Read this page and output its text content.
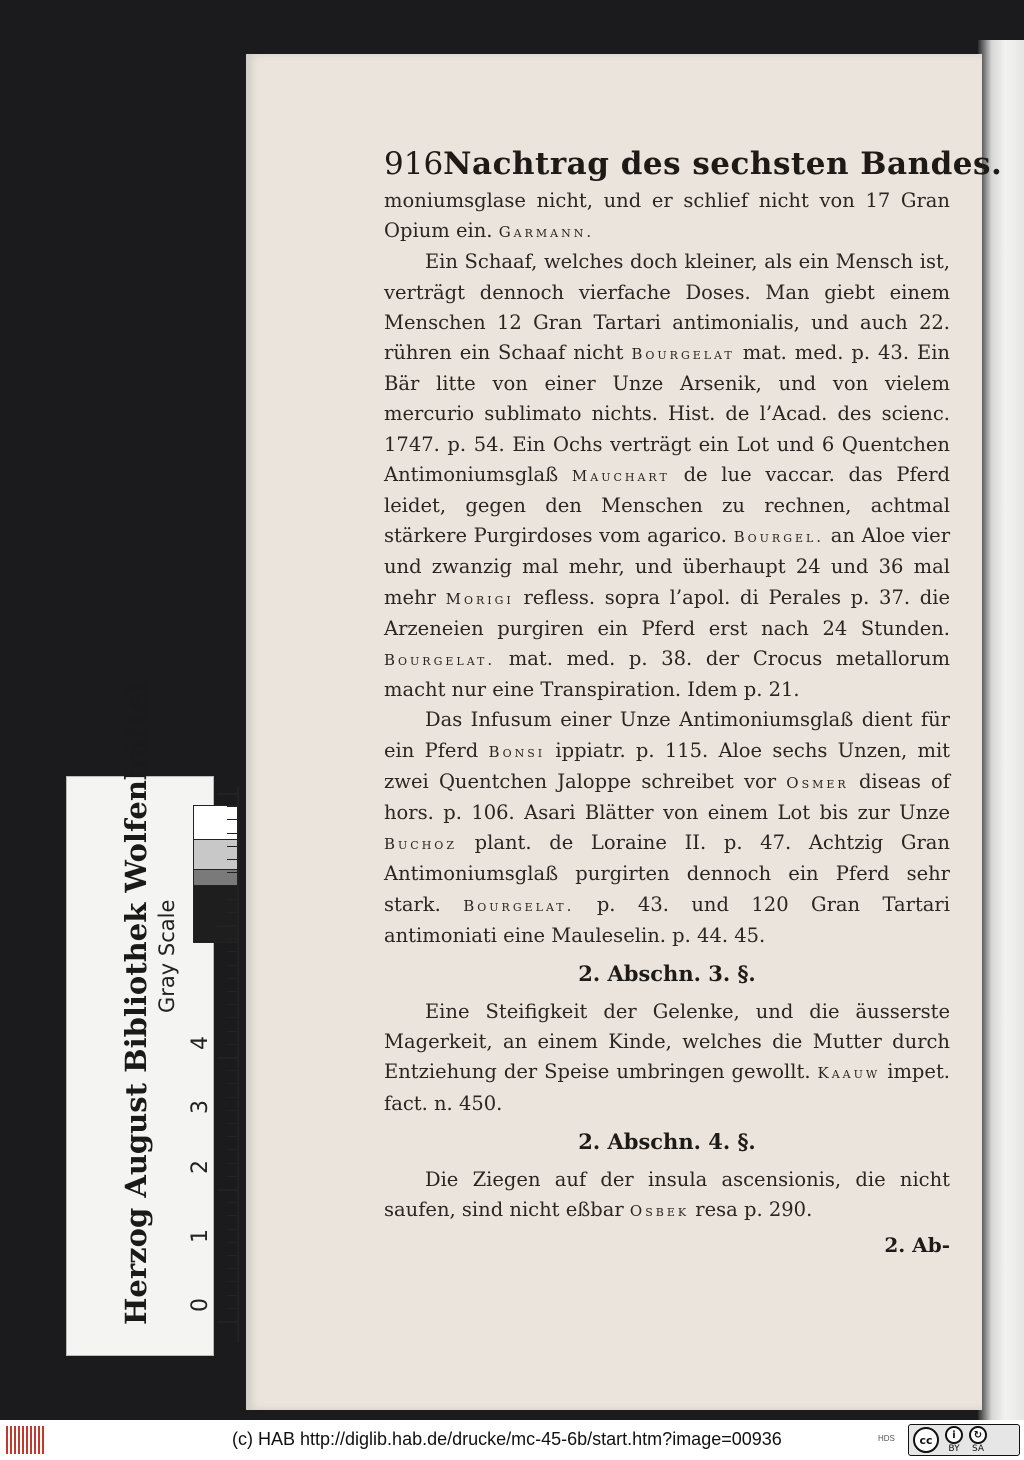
916 Nachtrag des sechsten Bandes.

moniumsglase nicht, und er schlief nicht von 17 Gran Opium ein. Garmann.

Ein Schaaf, welches doch kleiner, als ein Mensch ist, verträgt dennoch vierfache Doses. Man giebt einem Menschen 12 Gran Tartari antimonialis, und auch 22. rühren ein Schaaf nicht Bourgelat mat. med. p. 43. Ein Bär litte von einer Unze Arsenik, und von vielem mercurio sublimato nichts. Hist. de l’Acad. des scienc. 1747. p. 54. Ein Ochs verträgt ein Lot und 6 Quentchen Antimoniumsglaß Mauchart de lue vaccar. das Pferd leidet, gegen den Menschen zu rechnen, achtmal stärkere Purgirdoses vom agarico. Bourgel. an Aloe vier und zwanzig mal mehr, und überhaupt 24 und 36 mal mehr Morigi refless. sopra l’apol. di Perales p. 37. die Arzeneien purgiren ein Pferd erst nach 24 Stunden. Bourgelat. mat. med. p. 38. der Crocus metallorum macht nur eine Transpiration. Idem p. 21.

Das Infusum einer Unze Antimoniumsglaß dient für ein Pferd Bonsi ippiatr. p. 115. Aloe sechs Unzen, mit zwei Quentchen Jaloppe schreibet vor Osmer diseas of hors. p. 106. Asari Blätter von einem Lot bis zur Unze Buchoz plant. de Loraine II. p. 47. Achtzig Gran Antimoniumsglaß purgirten dennoch ein Pferd sehr stark. Bourgelat. p. 43. und 120 Gran Tartari antimoniati eine Mauleselin. p. 44. 45.

2. Abschn. 3. §.

Eine Steifigkeit der Gelenke, und die äusserste Magerkeit, an einem Kinde, welches die Mutter durch Entziehung der Speise umbringen gewollt. Kaauw impet. fact. n. 450.

2. Abschn. 4. §.

Die Ziegen auf der insula ascensionis, die nicht saufen, sind nicht eßbar Osbek resa p. 290.

2. Ab-
Herzog August Bibliothek Wolfenbüttel Gray Scale
0
1
2
3
4
(c) HAB http://diglib.hab.de/drucke/mc-45-6b/start.htm?image=00936	HDS	cc	i
BY
↻
SA
